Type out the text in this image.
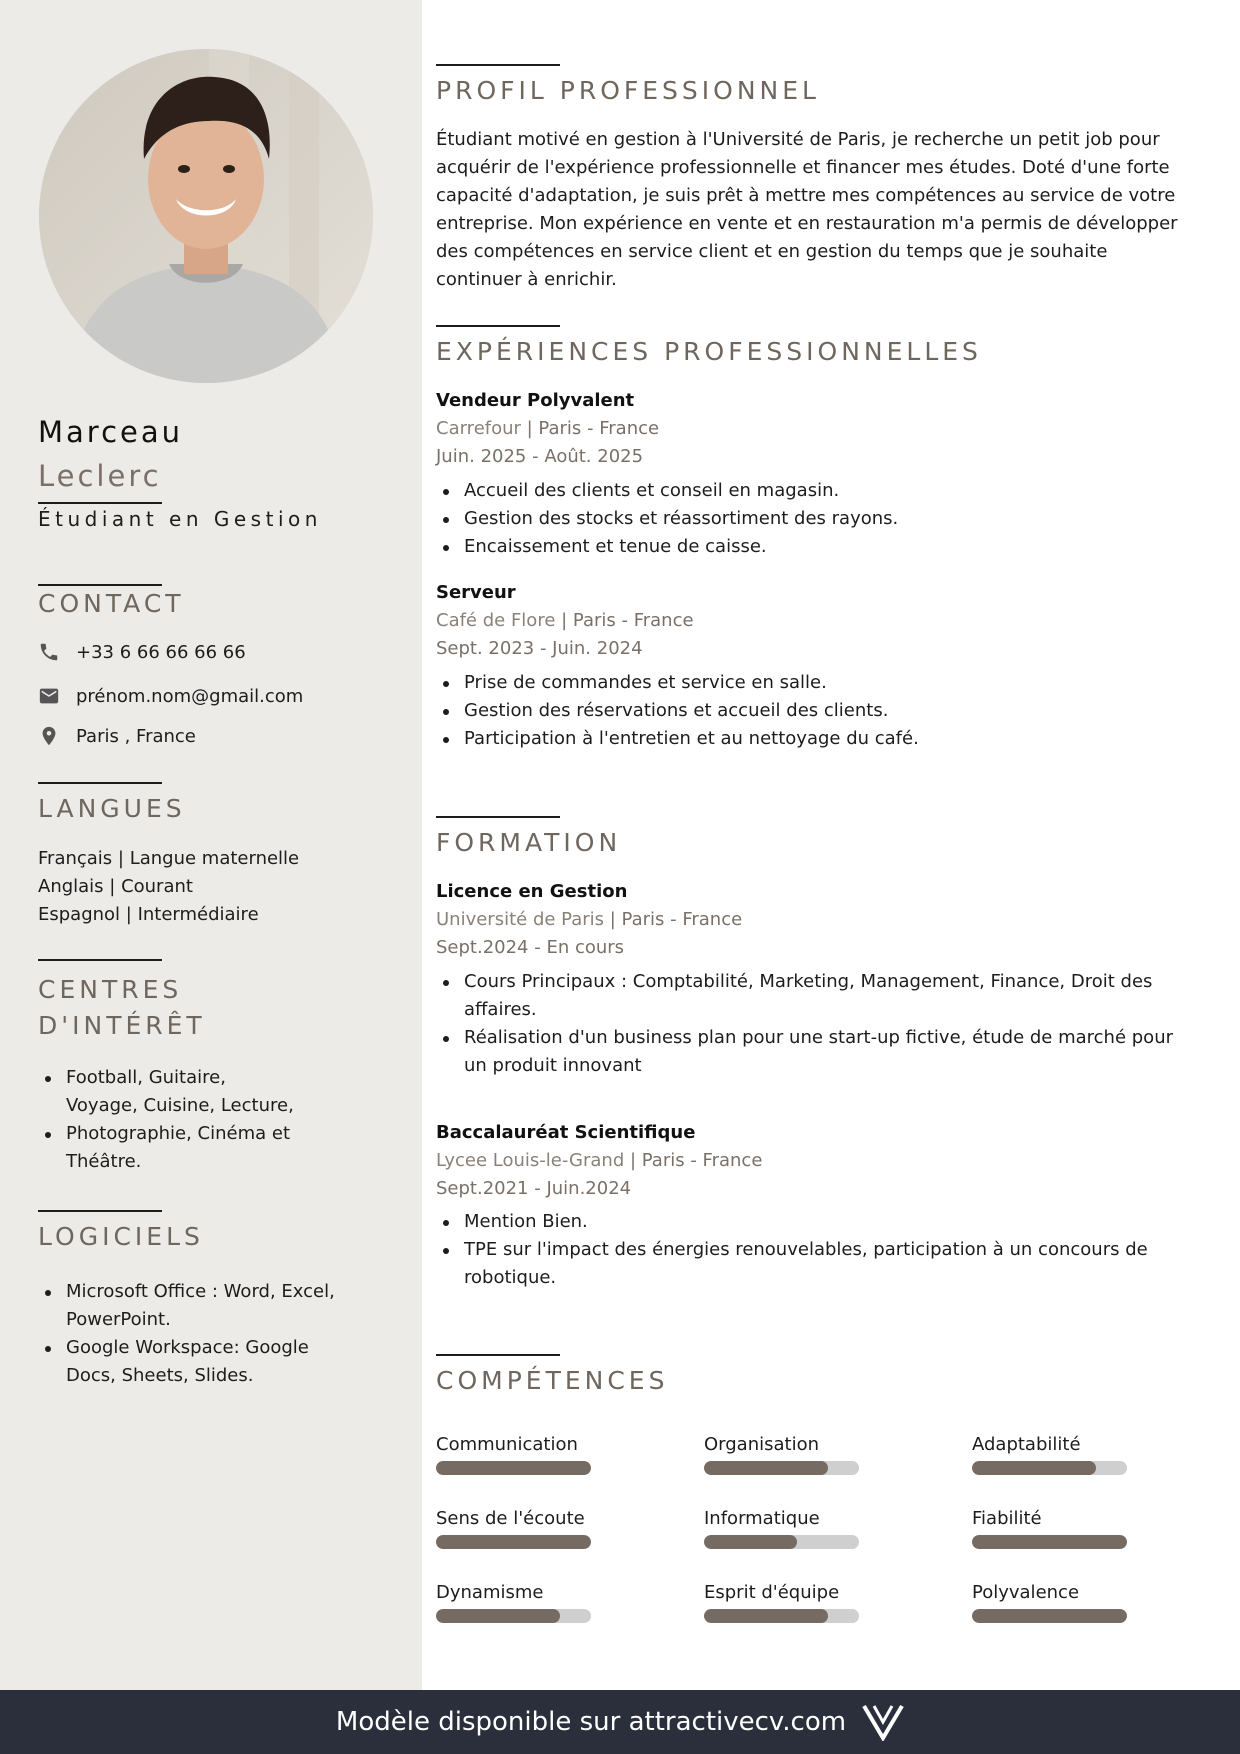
Marceau
Leclerc
Étudiant en Gestion
CONTACT
+33 6 66 66 66 66
prénom.nom@gmail.com
Paris , France
LANGUES
Français | Langue maternelle
Anglais | Courant
Espagnol | Intermédiaire
CENTRES
D'INTÉRÊT
Football, Guitaire,
Voyage, Cuisine, Lecture,
Photographie, Cinéma et
Théâtre.
LOGICIELS
Microsoft Office : Word, Excel,
PowerPoint.
Google Workspace: Google
Docs, Sheets, Slides.
PROFIL PROFESSIONNEL
Étudiant motivé en gestion à l'Université de Paris, je recherche un petit job pour
acquérir de l'expérience professionnelle et financer mes études. Doté d'une forte
capacité d'adaptation, je suis prêt à mettre mes compétences au service de votre
entreprise. Mon expérience en vente et en restauration m'a permis de développer
des compétences en service client et en gestion du temps que je souhaite
continuer à enrichir.
EXPÉRIENCES PROFESSIONNELLES
Vendeur Polyvalent
Carrefour | Paris - France
Juin. 2025 - Août. 2025
Accueil des clients et conseil en magasin.
Gestion des stocks et réassortiment des rayons.
Encaissement et tenue de caisse.
Serveur
Café de Flore | Paris - France
Sept. 2023 - Juin. 2024
Prise de commandes et service en salle.
Gestion des réservations et accueil des clients.
Participation à l'entretien et au nettoyage du café.
FORMATION
Licence en Gestion
Université de Paris | Paris - France
Sept.2024 - En cours
Cours Principaux : Comptabilité, Marketing, Management, Finance, Droit des
affaires.
Réalisation d'un business plan pour une start-up fictive, étude de marché pour
un produit innovant
Baccalauréat Scientifique
Lycee Louis-le-Grand | Paris - France
Sept.2021 - Juin.2024
Mention Bien.
TPE sur l'impact des énergies renouvelables, participation à un concours de
robotique.
COMPÉTENCES
Communication	Organisation	Adaptabilité
Sens de l'écoute	Informatique	Fiabilité
Dynamisme	Esprit d'équipe	Polyvalence
Modèle disponible sur attractivecv.com
